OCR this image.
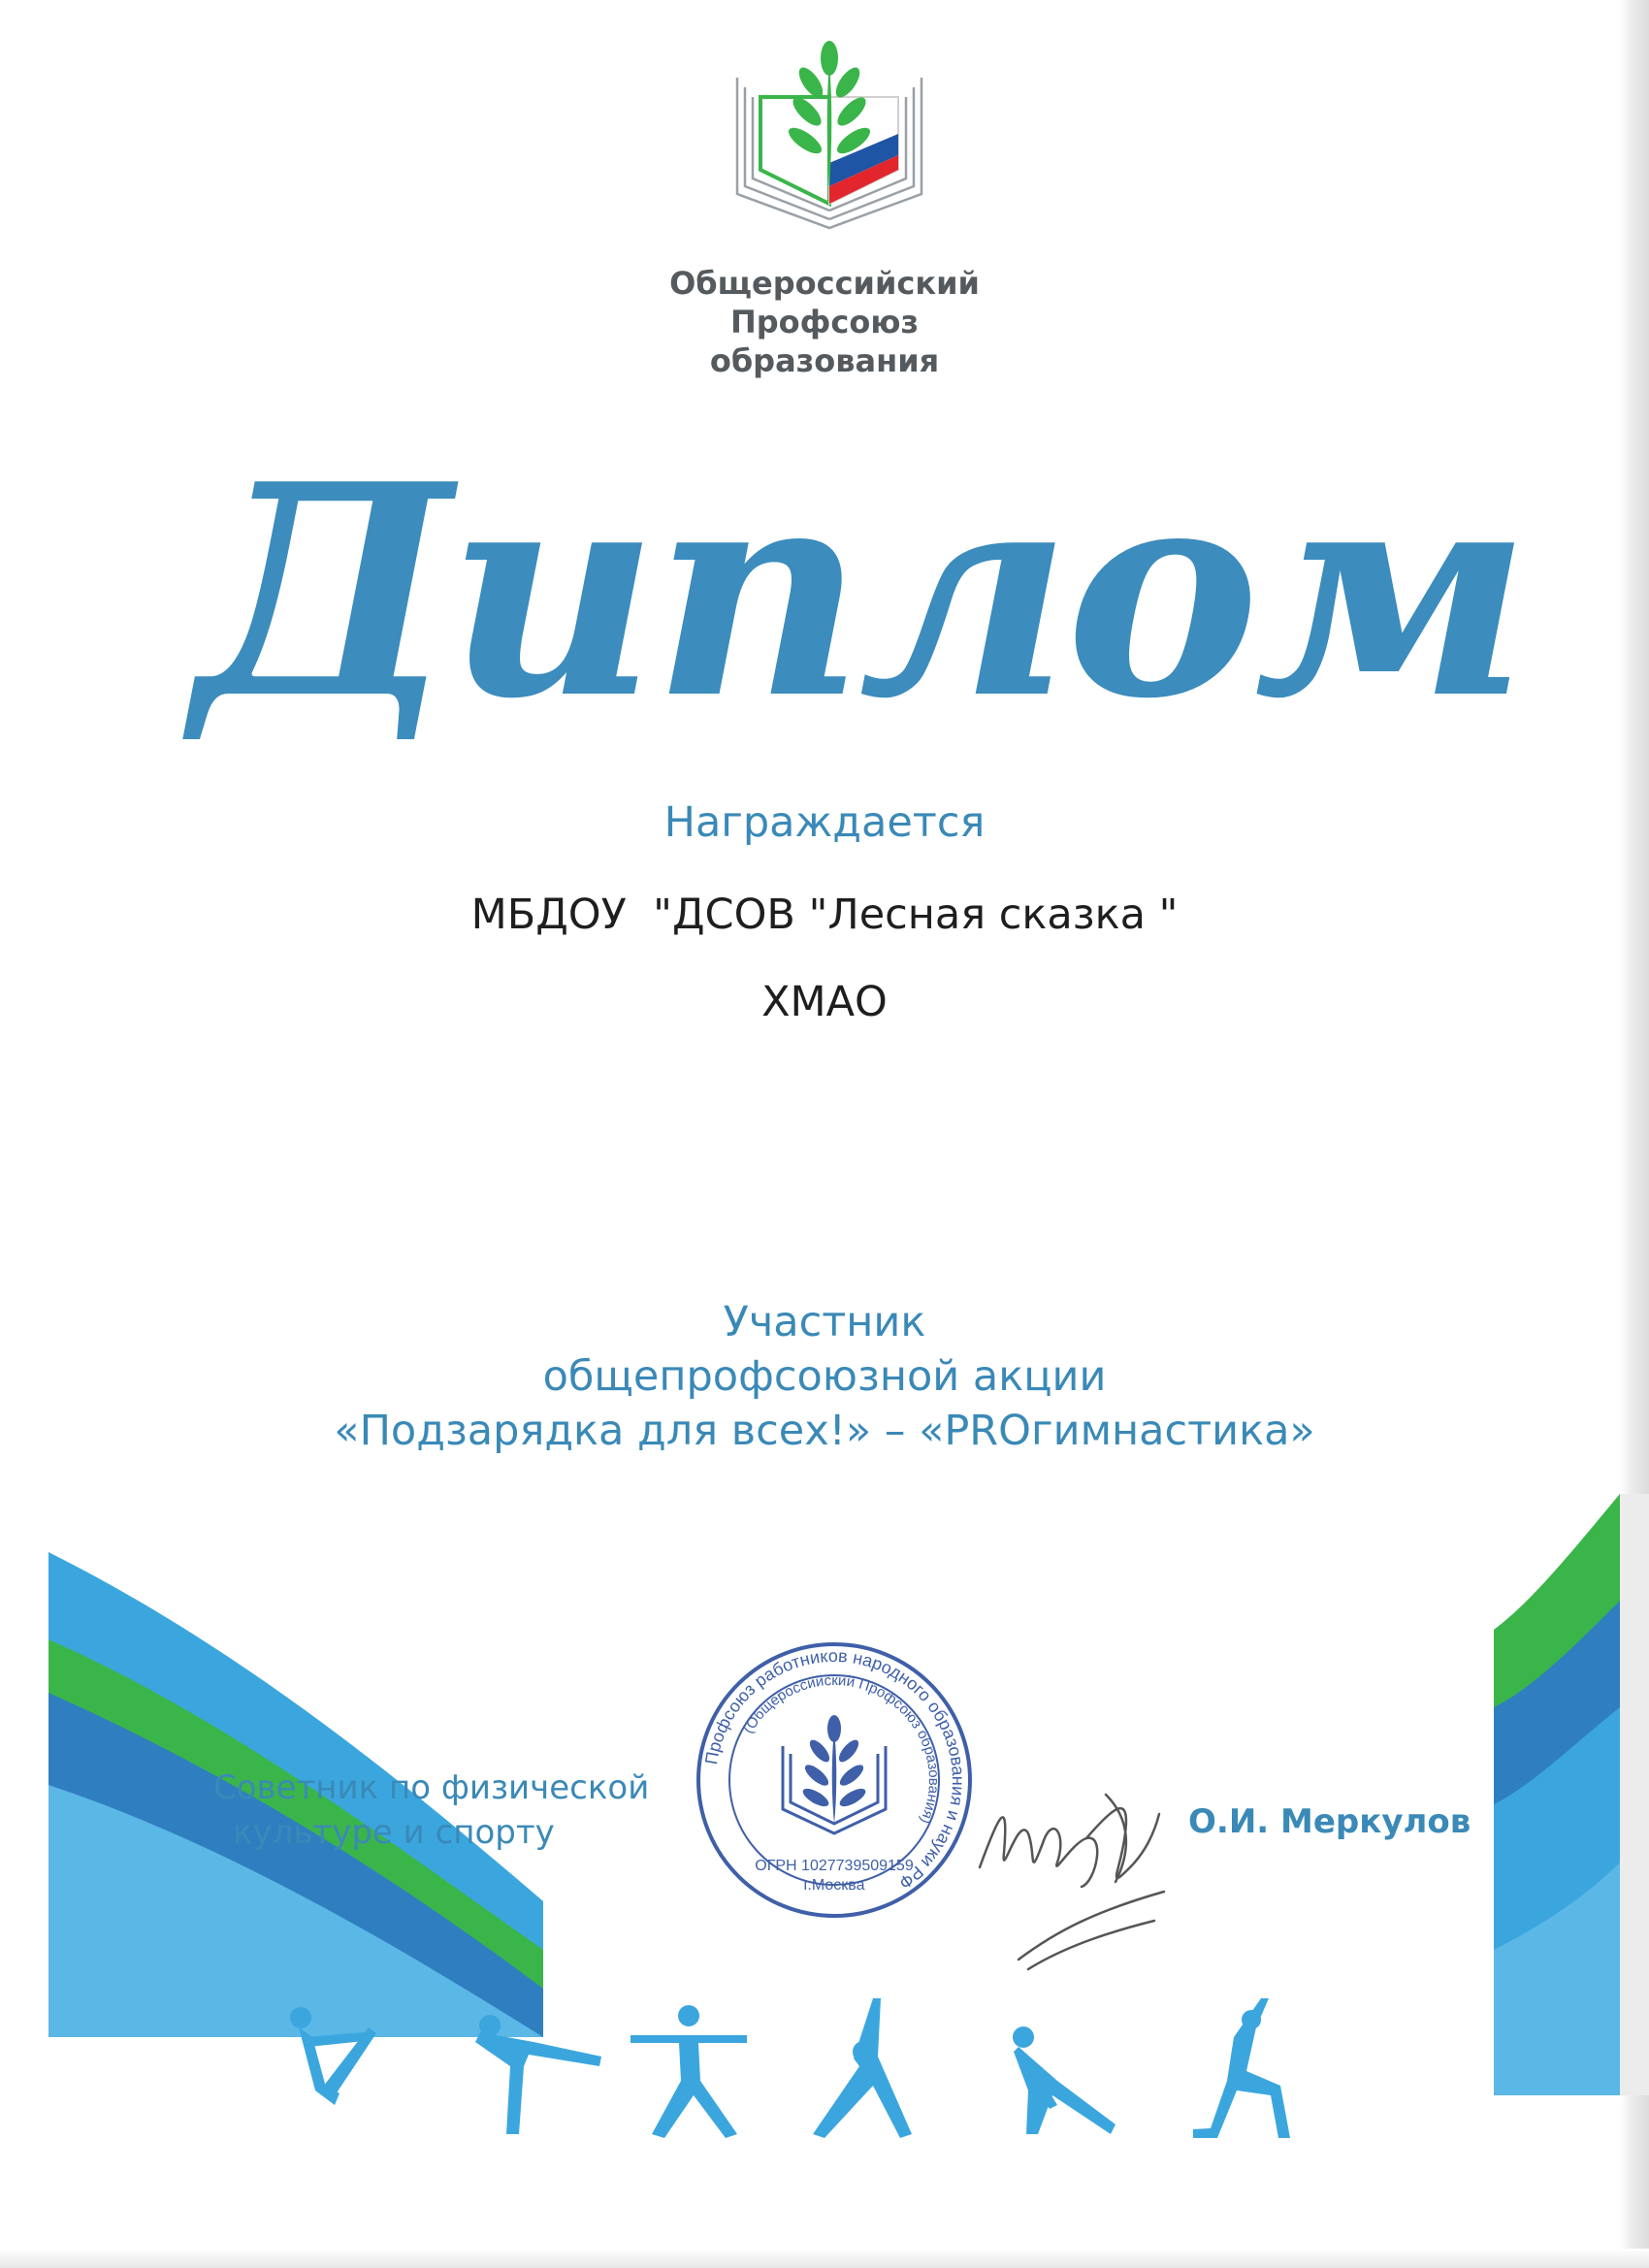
Общероссийский
Профсоюз
образования
Диплом
Награждается
МБДОУ  "ДСОВ "Лесная сказка "
ХМАО
Участник
общепрофсоюзной акции
«Подзарядка для всех!» – «PROгимнастика»
Советник по физической
культуре и спорту	О.И. Меркулов
Профсоюз работников народного образования и науки РФ
(Общероссийский Профсоюз образования)
ОГРН 1027739509159
г.Москва
